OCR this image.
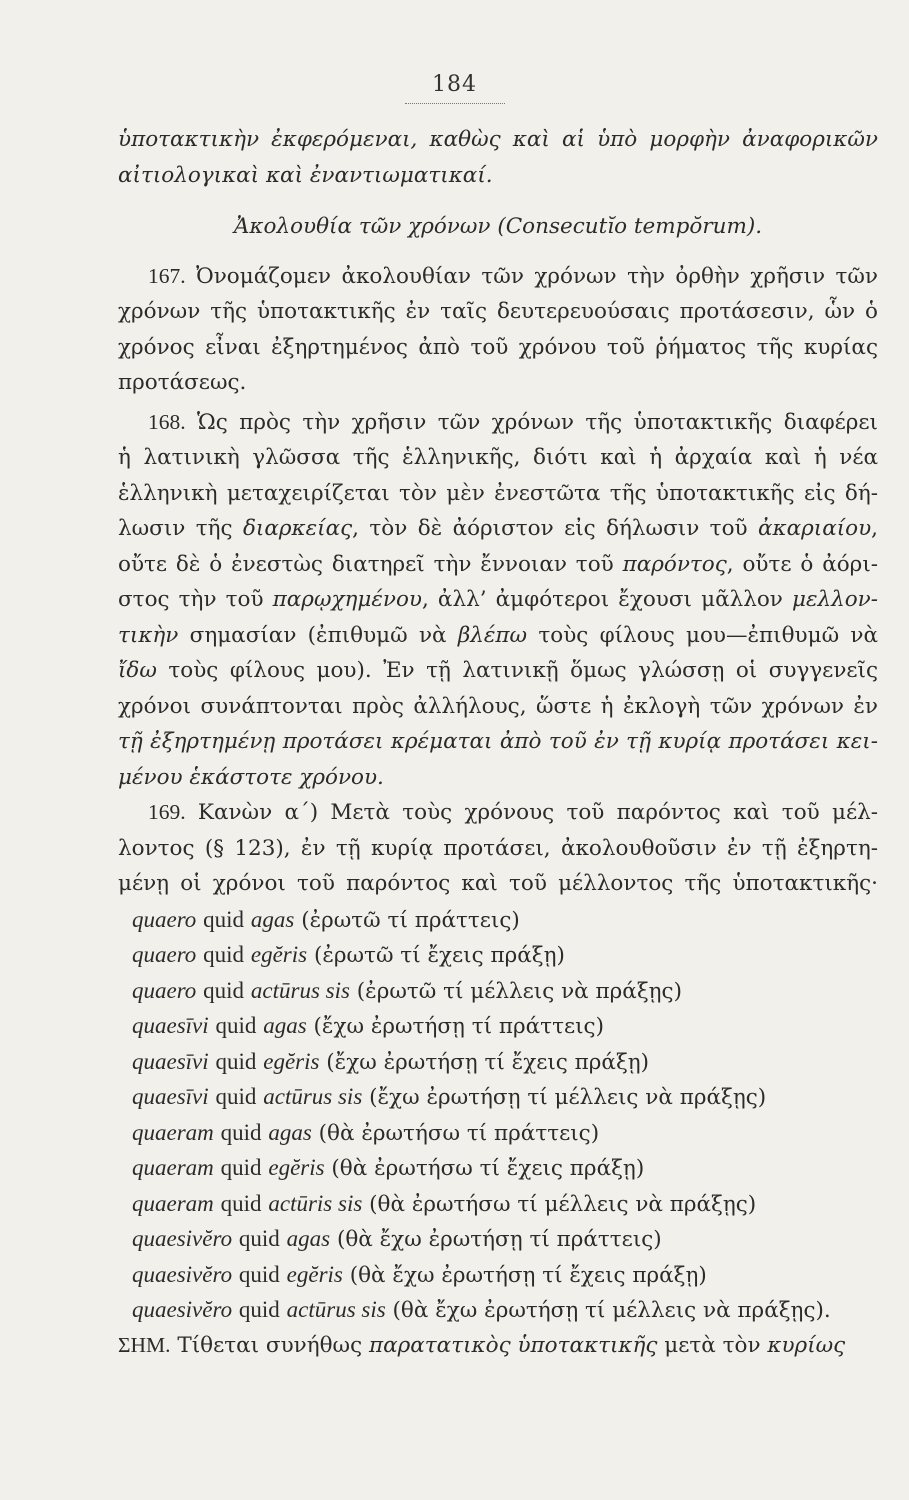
184
ὑποτακτικὴν ἐκφερόμεναι, καθὼς καὶ αἱ ὑπὸ μορφὴν ἀναφορικῶν
αἰτιολογικαὶ καὶ ἐναντιωματικαί.
Ἀκολουθία τῶν χρόνων (Consecutĭo tempŏrum).
167. Ὀνομάζομεν ἀκολουθίαν τῶν χρόνων τὴν ὀρθὴν χρῆσιν τῶν
χρόνων τῆς ὑποτακτικῆς ἐν ταῖς δευτερευούσαις προτάσεσιν, ὧν ὁ
χρόνος εἶναι ἐξηρτημένος ἀπὸ τοῦ χρόνου τοῦ ῥήματος τῆς κυρίας
προτάσεως.
168. Ὡς πρὸς τὴν χρῆσιν τῶν χρόνων τῆς ὑποτακτικῆς διαφέρει
ἡ λατινικὴ γλῶσσα τῆς ἑλληνικῆς, διότι καὶ ἡ ἀρχαία καὶ ἡ νέα
ἑλληνικὴ μεταχειρίζεται τὸν μὲν ἐνεστῶτα τῆς ὑποτακτικῆς εἰς δή-
λωσιν τῆς διαρκείας, τὸν δὲ ἀόριστον εἰς δήλωσιν τοῦ ἀκαριαίου,
οὔτε δὲ ὁ ἐνεστὼς διατηρεῖ τὴν ἔννοιαν τοῦ παρόντος, οὔτε ὁ ἀόρι-
στος τὴν τοῦ παρῳχημένου, ἀλλ’ ἀμφότεροι ἔχουσι μᾶλλον μελλον-
τικὴν σημασίαν (ἐπιθυμῶ νὰ βλέπω τοὺς φίλους μου—ἐπιθυμῶ νὰ
ἴδω τοὺς φίλους μου). Ἐν τῇ λατινικῇ ὅμως γλώσσῃ οἱ συγγενεῖς
χρόνοι συνάπτονται πρὸς ἀλλήλους, ὥστε ἡ ἐκλογὴ τῶν χρόνων ἐν
τῇ ἐξηρτημένῃ προτάσει κρέμαται ἀπὸ τοῦ ἐν τῇ κυρίᾳ προτάσει κει-
μένου ἑκάστοτε χρόνου.
169. Κανὼν α΄) Μετὰ τοὺς χρόνους τοῦ παρόντος καὶ τοῦ μέλ-
λοντος (§ 123), ἐν τῇ κυρίᾳ προτάσει, ἀκολουθοῦσιν ἐν τῇ ἐξηρτη-
μένῃ οἱ χρόνοι τοῦ παρόντος καὶ τοῦ μέλλοντος τῆς ὑποτακτικῆς·
quaero quid agas (ἐρωτῶ τί πράττεις)
quaero quid egĕris (ἐρωτῶ τί ἔχεις πράξῃ)
quaero quid actūrus sis (ἐρωτῶ τί μέλλεις νὰ πράξῃς)
quaesīvi quid agas (ἔχω ἐρωτήσῃ τί πράττεις)
quaesīvi quid egĕris (ἔχω ἐρωτήσῃ τί ἔχεις πράξῃ)
quaesīvi quid actūrus sis (ἔχω ἐρωτήσῃ τί μέλλεις νὰ πράξῃς)
quaeram quid agas (θὰ ἐρωτήσω τί πράττεις)
quaeram quid egĕris (θὰ ἐρωτήσω τί ἔχεις πράξῃ)
quaeram quid actūris sis (θὰ ἐρωτήσω τί μέλλεις νὰ πράξῃς)
quaesivĕro quid agas (θὰ ἔχω ἐρωτήσῃ τί πράττεις)
quaesivĕro quid egĕris (θὰ ἔχω ἐρωτήσῃ τί ἔχεις πράξῃ)
quaesivĕro quid actūrus sis (θὰ ἔχω ἐρωτήσῃ τί μέλλεις νὰ πράξῃς).
ΣΗΜ. Τίθεται συνήθως παρατατικὸς ὑποτακτικῆς μετὰ τὸν κυρίως
